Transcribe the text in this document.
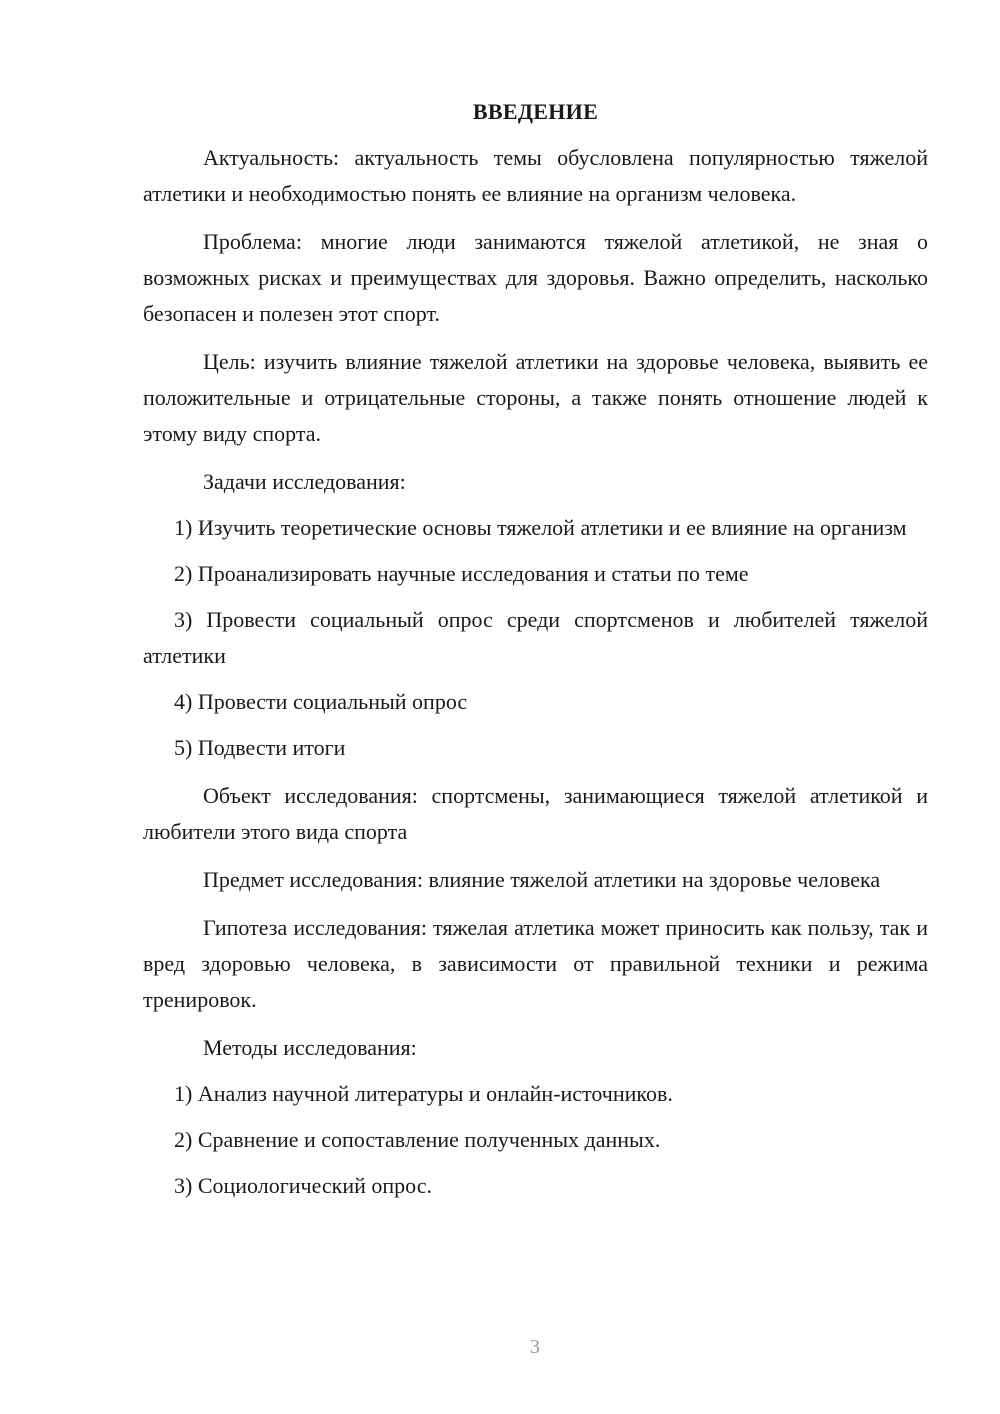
ВВЕДЕНИЕ

Актуальность: актуальность темы обусловлена популярностью тяжелой атлетики и необходимостью понять ее влияние на организм человека.

Проблема: многие люди занимаются тяжелой атлетикой, не зная о возможных рисках и преимуществах для здоровья. Важно определить, насколько безопасен и полезен этот спорт.

Цель: изучить влияние тяжелой атлетики на здоровье человека, выявить ее положительные и отрицательные стороны, а также понять отношение людей к этому виду спорта.

Задачи исследования:

1) Изучить теоретические основы тяжелой атлетики и ее влияние на организм

2) Проанализировать научные исследования и статьи по теме

3) Провести социальный опрос среди спортсменов и любителей тяжелой атлетики

4) Провести социальный опрос

5) Подвести итоги

Объект исследования: спортсмены, занимающиеся тяжелой атлетикой и любители этого вида спорта

Предмет исследования: влияние тяжелой атлетики на здоровье человека

Гипотеза исследования: тяжелая атлетика может приносить как пользу, так и вред здоровью человека, в зависимости от правильной техники и режима тренировок.

Методы исследования:

1) Анализ научной литературы и онлайн-источников.

2) Сравнение и сопоставление полученных данных.

3) Социологический опрос.

3
